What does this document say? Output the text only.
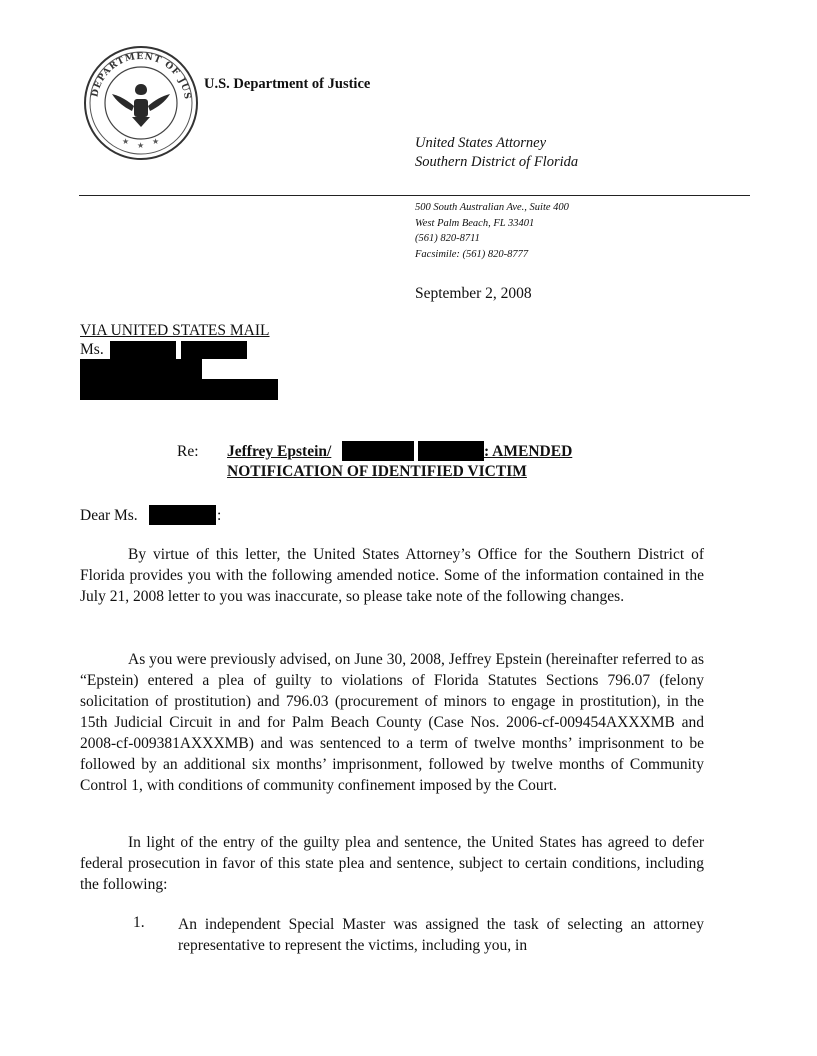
DEPARTMENT OF JUS
★ ★ ★
U.S. Department of Justice
United States Attorney
Southern District of Florida
500 South Australian Ave., Suite 400
West Palm Beach, FL 33401
(561) 820-8711
Facsimile: (561) 820-8777
September 2, 2008
VIA UNITED STATES MAIL
Ms.
Re: Jeffrey Epstein/	: AMENDED
NOTIFICATION OF IDENTIFIED VICTIM
Dear Ms.	:
By virtue of this letter, the United States Attorney’s Office for the Southern District of Florida provides you with the following amended notice. Some of the information contained in the July 21, 2008 letter to you was inaccurate, so please take note of the following changes.
As you were previously advised, on June 30, 2008, Jeffrey Epstein (hereinafter referred to as “Epstein) entered a plea of guilty to violations of Florida Statutes Sections 796.07 (felony solicitation of prostitution) and 796.03 (procurement of minors to engage in prostitution), in the 15th Judicial Circuit in and for Palm Beach County (Case Nos. 2006-cf-009454AXXXMB and 2008-cf-009381AXXXMB) and was sentenced to a term of twelve months’ imprisonment to be followed by an additional six months’ imprisonment, followed by twelve months of Community Control 1, with conditions of community confinement imposed by the Court.
In light of the entry of the guilty plea and sentence, the United States has agreed to defer federal prosecution in favor of this state plea and sentence, subject to certain conditions, including the following:
1. An independent Special Master was assigned the task of selecting an attorney representative to represent the victims, including you, in
